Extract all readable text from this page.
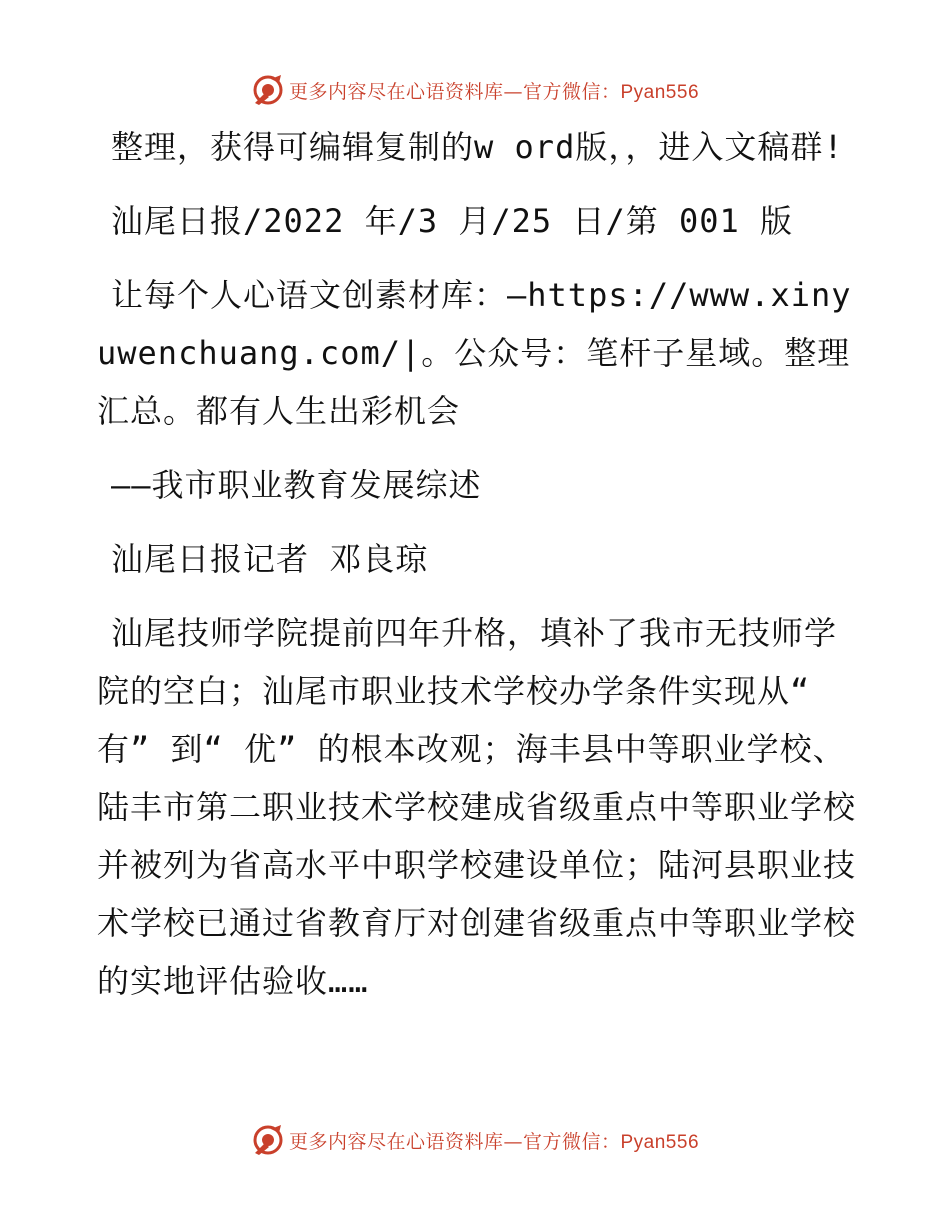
更多内容尽在心语资料库—官方微信：Pyan556

整理，获得可编辑复制的w ord版，，进入文稿群!

汕尾日报/2022 年/3 月/25 日/第 001 版

让每个人心语文创素材库：—https://www.xinyuwenchuang.com/|。公众号：笔杆子星域。整理汇总。都有人生出彩机会

——我市职业教育发展综述

汕尾日报记者 邓良琼

汕尾技师学院提前四年升格，填补了我市无技师学院的空白；汕尾市职业技术学校办学条件实现从“ 有” 到“ 优” 的根本改观；海丰县中等职业学校、陆丰市第二职业技术学校建成省级重点中等职业学校并被列为省高水平中职学校建设单位；陆河县职业技术学校已通过省教育厅对创建省级重点中等职业学校的实地评估验收……

更多内容尽在心语资料库—官方微信：Pyan556
